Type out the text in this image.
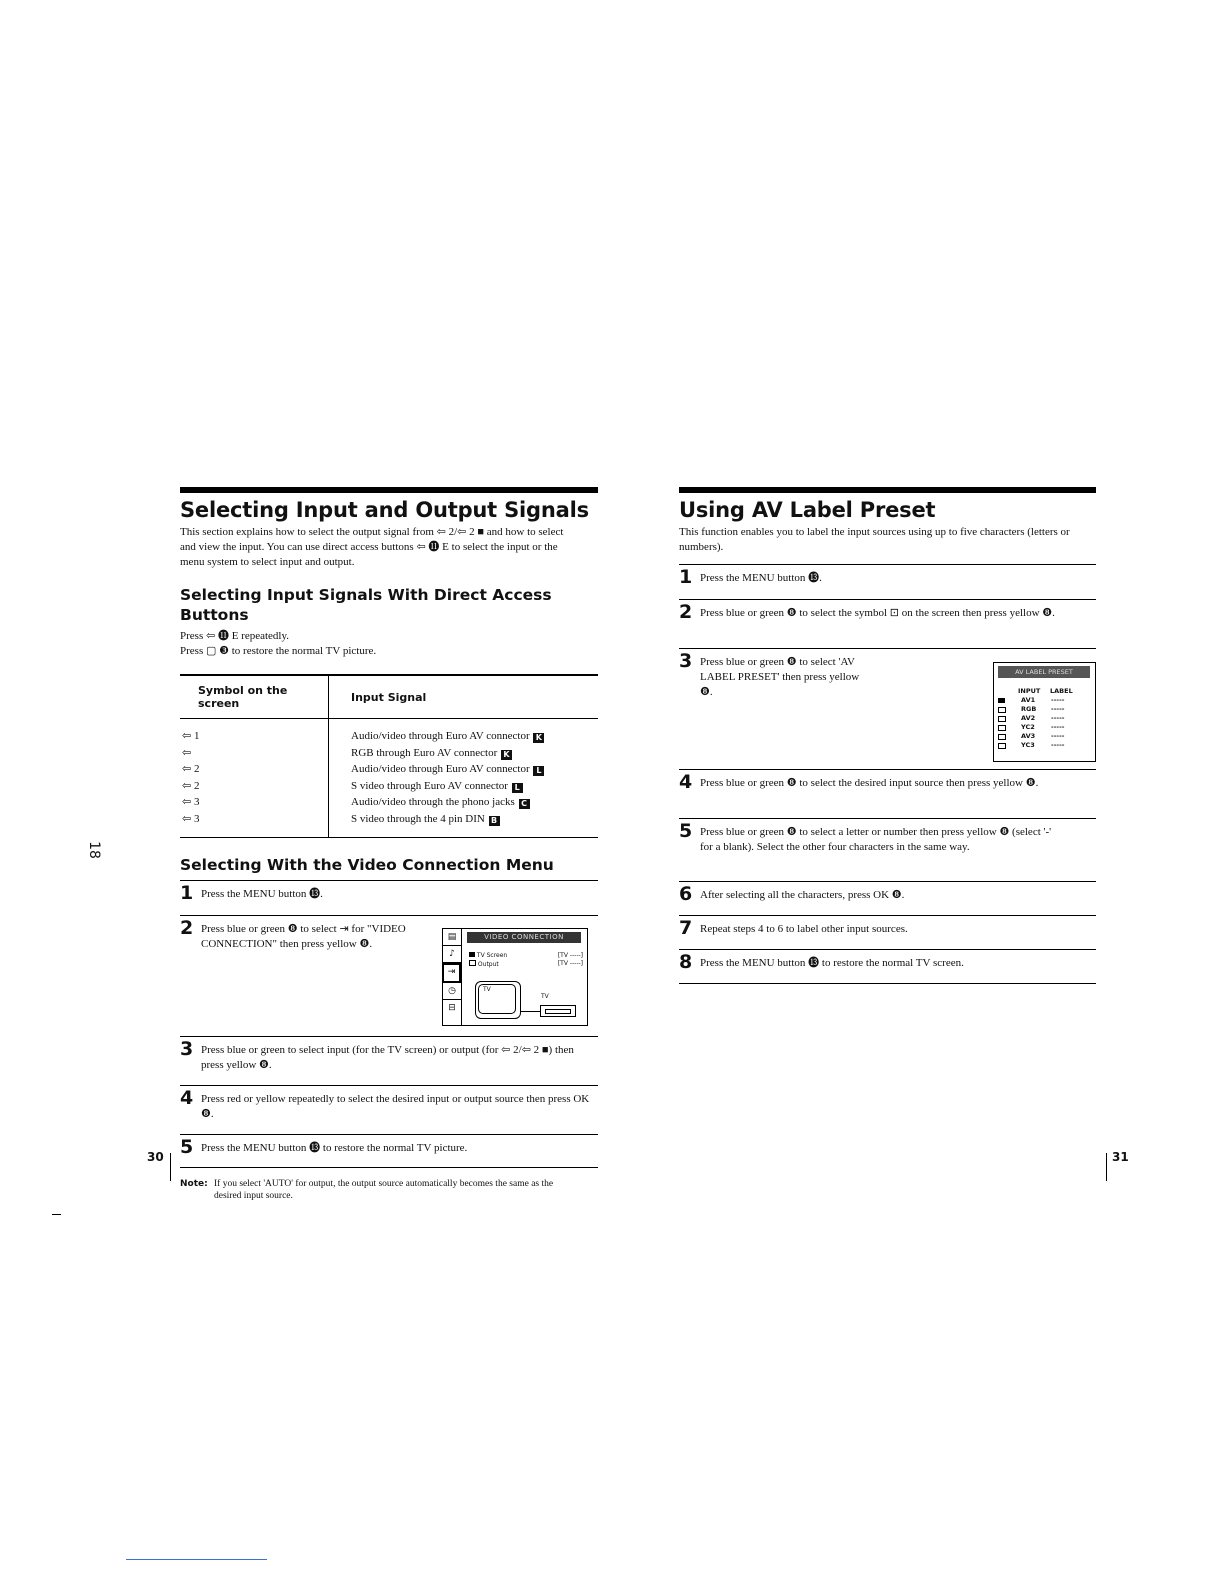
Selecting Input and Output Signals

This section explains how to select the output signal from ⇦ 2/⇦ 2 ■ and how to select and view the input. You can use direct access buttons ⇦ ⓫ E to select the input or the menu system to select input and output.

Selecting Input Signals With Direct Access Buttons

Press ⇦ ⓫ E repeatedly.

Press ▢ ❸ to restore the normal TV picture.

Symbol on the screen	Input Signal
⇦ 1	Audio/video through Euro AV connector K
⇦	RGB through Euro AV connector K
⇦ 2	Audio/video through Euro AV connector L
⇦ 2	S video through Euro AV connector L
⇦ 3	Audio/video through the phono jacks C
⇦ 3	S video through the 4 pin DIN B
Selecting With the Video Connection Menu
1 Press the MENU button ⓭.
2 Press blue or green ❽ to select ⇥ for "VIDEO CONNECTION" then press yellow ❽.
▤
♪
⇥
◷
⊟
VIDEO CONNECTION
TV Screen	[TV -----]
Output	[TV -----]
TV
TV
3 Press blue or green to select input (for the TV screen) or output (for ⇦ 2/⇦ 2 ■) then press yellow ❽.
4 Press red or yellow repeatedly to select the desired input or output source then press OK ❽.
5 Press the MENU button ⓭ to restore the normal TV picture.
Note: If you select 'AUTO' for output, the output source automatically becomes the same as the desired input source.
30
18
Using AV Label Preset

This function enables you to label the input sources using up to five characters (letters or numbers).

1 Press the MENU button ⓭.
2 Press blue or green ❽ to select the symbol ⊡ on the screen then press yellow ❽.
3 Press blue or green ❽ to select 'AV LABEL PRESET' then press yellow ❽.
AV LABEL PRESET
INPUT LABEL
AV1 -----
RGB -----
AV2 -----
YC2 -----
AV3 -----
YC3 -----
4 Press blue or green ❽ to select the desired input source then press yellow ❽.
5 Press blue or green ❽ to select a letter or number then press yellow ❽ (select '-' for a blank). Select the other four characters in the same way.
6 After selecting all the characters, press OK ❽.
7 Repeat steps 4 to 6 to label other input sources.
8 Press the MENU button ⓭ to restore the normal TV screen.
31
